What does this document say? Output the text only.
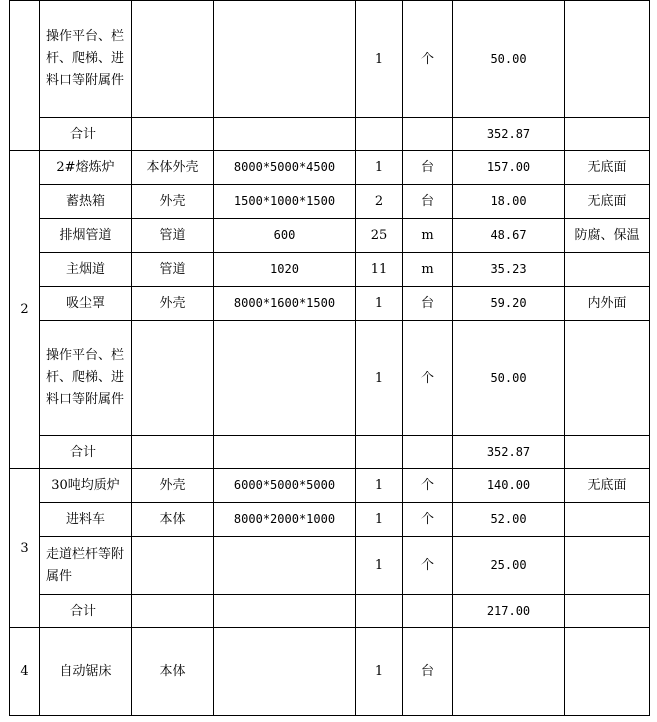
	操作平台、栏杆、爬梯、进料口等附属件			1	个	50.00	
	合计					352.87	
2	2#熔炼炉	本体外壳	8000*5000*4500	1	台	157.00	无底面
	蓄热箱	外壳	1500*1000*1500	2	台	18.00	无底面
	排烟管道	管道	600	25	m	48.67	防腐、保温
	主烟道	管道	1020	11	m	35.23	
	吸尘罩	外壳	8000*1600*1500	1	台	59.20	内外面
	操作平台、栏杆、爬梯、进料口等附属件			1	个	50.00	
	合计					352.87	
3	30吨均质炉	外壳	6000*5000*5000	1	个	140.00	无底面
	进料车	本体	8000*2000*1000	1	个	52.00	
	走道栏杆等附属件			1	个	25.00	
	合计					217.00	
4	自动锯床	本体		1	台		
